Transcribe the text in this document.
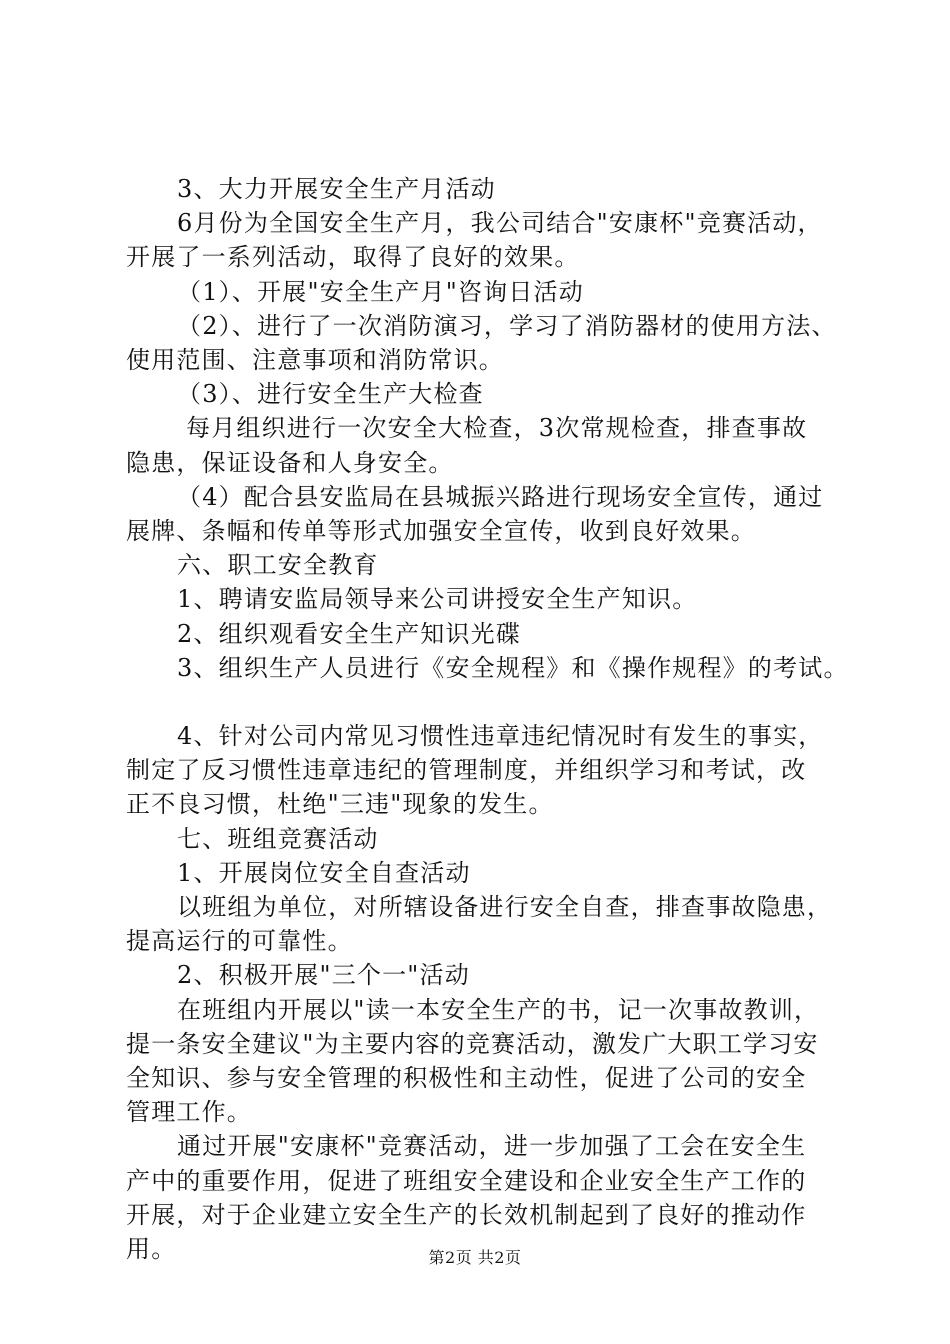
3、大力开展安全生产月活动

6月份为全国安全生产月，我公司结合"安康杯"竞赛活动，

开展了一系列活动，取得了良好的效果。

（1）、开展"安全生产月"咨询日活动

（2）、进行了一次消防演习，学习了消防器材的使用方法、

使用范围、注意事项和消防常识。

（3）、进行安全生产大检查

每月组织进行一次安全大检查，3次常规检查，排查事故

隐患，保证设备和人身安全。

（4）配合县安监局在县城振兴路进行现场安全宣传，通过

展牌、条幅和传单等形式加强安全宣传，收到良好效果。

六、职工安全教育

1、聘请安监局领导来公司讲授安全生产知识。

2、组织观看安全生产知识光碟

3、组织生产人员进行《安全规程》和《操作规程》的考试。

4、针对公司内常见习惯性违章违纪情况时有发生的事实，

制定了反习惯性违章违纪的管理制度，并组织学习和考试，改

正不良习惯，杜绝"三违"现象的发生。

七、班组竞赛活动

1、开展岗位安全自查活动

以班组为单位，对所辖设备进行安全自查，排查事故隐患，

提高运行的可靠性。

2、积极开展"三个一"活动

在班组内开展以"读一本安全生产的书，记一次事故教训，

提一条安全建议"为主要内容的竞赛活动，激发广大职工学习安

全知识、参与安全管理的积极性和主动性，促进了公司的安全

管理工作。

通过开展"安康杯"竞赛活动，进一步加强了工会在安全生

产中的重要作用，促进了班组安全建设和企业安全生产工作的

开展，对于企业建立安全生产的长效机制起到了良好的推动作

用。	第2页 共2页
